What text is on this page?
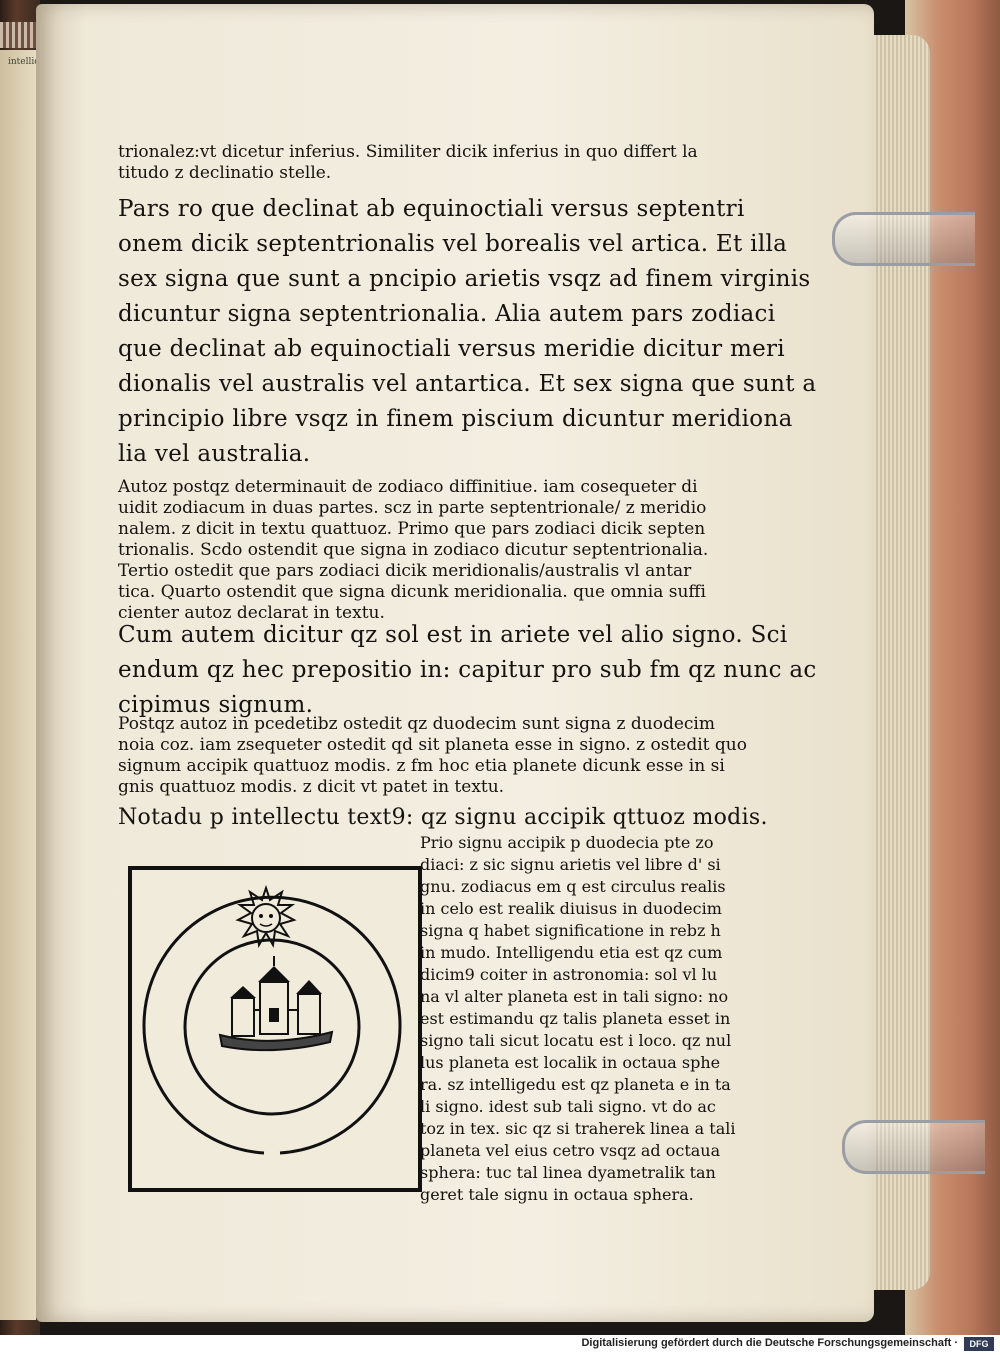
intelli
trionalez:vt dicetur inferius. Similiter dicik inferius in quo differt la
titudo z declinatio stelle.
Pars ro que declinat ab equinoctiali versus septentri
onem dicik septentrionalis vel borealis vel artica. Et illa
sex signa que sunt a pncipio arietis vsqz ad finem virginis
dicuntur signa septentrionalia. Alia autem pars zodiaci
que declinat ab equinoctiali versus meridie dicitur meri
dionalis vel australis vel antartica. Et sex signa que sunt a
principio libre vsqz in finem piscium dicuntur meridiona
lia vel australia.
Autoz postqz determinauit de zodiaco diffinitiue. iam cosequeter di
uidit zodiacum in duas partes. scz in parte septentrionale/ z meridio
nalem. z dicit in textu quattuoz. Primo que pars zodiaci dicik septen
trionalis. Scdo ostendit que signa in zodiaco dicutur septentrionalia.
Tertio ostedit que pars zodiaci dicik meridionalis/australis vl antar
tica. Quarto ostendit que signa dicunk meridionalia. que omnia suffi
cienter autoz declarat in textu.
Cum autem dicitur qz sol est in ariete vel alio signo. Sci
endum qz hec prepositio in: capitur pro sub fm qz nunc ac
cipimus signum.
Postqz autoz in pcedetibz ostedit qz duodecim sunt signa z duodecim
noia coz. iam zsequeter ostedit qd sit planeta esse in signo. z ostedit quo
signum accipik quattuoz modis. z fm hoc etia planete dicunk esse in si
gnis quattuoz modis. z dicit vt patet in textu.
Notadu p intellectu text9: qz signu accipik qttuoz modis.
Prio signu accipik p duodecia pte zo
diaci: z sic signu arietis vel libre d' si
gnu. zodiacus em q est circulus realis
in celo est realik diuisus in duodecim
signa q habet significatione in rebz h
in mudo. Intelligendu etia est qz cum
dicim9 coiter in astronomia: sol vl lu
na vl alter planeta est in tali signo: no
est estimandu qz talis planeta esset in
signo tali sicut locatu est i loco. qz nul
lus planeta est localik in octaua sphe
ra. sz intelligedu est qz planeta e in ta
li signo. idest sub tali signo. vt do ac
toz in tex. sic qz si traherek linea a tali
planeta vel eius cetro vsqz ad octaua
sphera: tuc tal linea dyametralik tan
geret tale signu in octaua sphera.
Digitalisierung gefördert durch die Deutsche Forschungsgemeinschaft ·	DFG
